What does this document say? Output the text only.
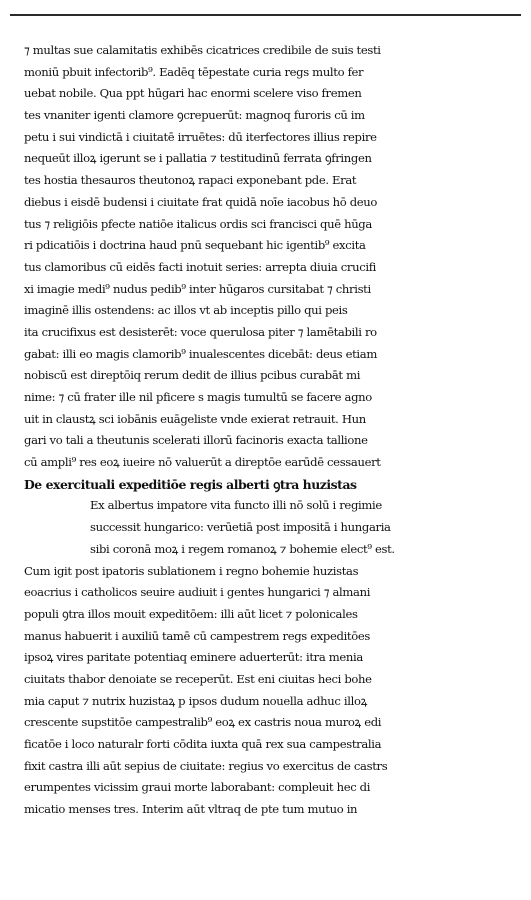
⁊ multas sue calamitatis exhibēs cicatrices credibile de suis testi
moniū pbuit infectorib⁹. Eadēq tēpestate curia regs multo fer
uebat nobile. Qua ppt hūgari hac enormi scelere viso fremen
tes vnaniter igenti clamore ꝯcrepuerūt: magnoq furoris cū im
petu i sui vindictā i ciuitatē irruētes: dū iterfectores illius repire
nequeūt illoꝝ igerunt se i pallatia ⁊ testitudinū ferrata ꝯfringen
tes hostia thesauros theutonoꝝ rapaci exponebant pde. Erat
diebus i eisdē budensi i ciuitate frat quidā noīe iacobus hō deuo
tus ⁊ religiōis pfecte natiōe italicus ordis sci francisci quē hūga
ri pdicatiōis i doctrina haud pnū sequebant hic igentib⁹ excita
tus clamoribus cū eidēs facti inotuit series: arrepta diuia crucifi
xi imagie medi⁹ nudus pedib⁹ inter hūgaros cursitabat ⁊ christi
imaginē illis ostendens: ac illos vt ab inceptis pillo qui peis
ita crucifixus est desisterēt: voce querulosa piter ⁊ lamētabili ro
gabat: illi eo magis clamorib⁹ inualescentes dicebāt: deus etiam
nobiscū est direptōiq rerum dedit de illius pcibus curabāt mi
nime: ⁊ cū frater ille nil pficere s magis tumultū se facere agno
uit in claustꝝ sci iobānis euāgeliste vnde exierat retrauit. Hun
gari vo tali a theutunis scelerati illorū facinoris exacta tallione
cū ampli⁹ res eoꝝ iueire nō valuerūt a direptōe earūdē cessauert
De exercituali expeditiōe regis alberti ꝯtra huzistas
Ex albertus impatore vita functo illi nō solū i regimie
successit hungarico: verūetiā post impositā i hungaria
sibi coronā moꝝ i regem romanoꝝ ⁊ bohemie elect⁹ est.
Cum igit post ipatoris sublationem i regno bohemie huzistas
eoacrius i catholicos seuire audiuit i gentes hungarici ⁊ almani
populi ꝯtra illos mouit expeditōem: illi aūt licet ⁊ polonicales
manus habuerit i auxiliū tamē cū campestrem regs expeditōes
ipsoꝝ vires paritate potentiaq eminere aduerterūt: itra menia
ciuitats thabor denoiate se receperūt. Est eni ciuitas heci bohe
mia caput ⁊ nutrix huzistaꝝ p ipsos dudum nouella adhuc illoꝝ
crescente supstitōe campestralib⁹ eoꝝ ex castris noua muroꝝ edi
ficatōe i loco naturalr forti cōdita iuxta quā rex sua campestralia
fixit castra illi aūt sepius de ciuitate: regius vo exercitus de castrs
erumpentes vicissim graui morte laborabant: compleuit hec di
micatio menses tres. Interim aūt vltraq de pte tum mutuo in
